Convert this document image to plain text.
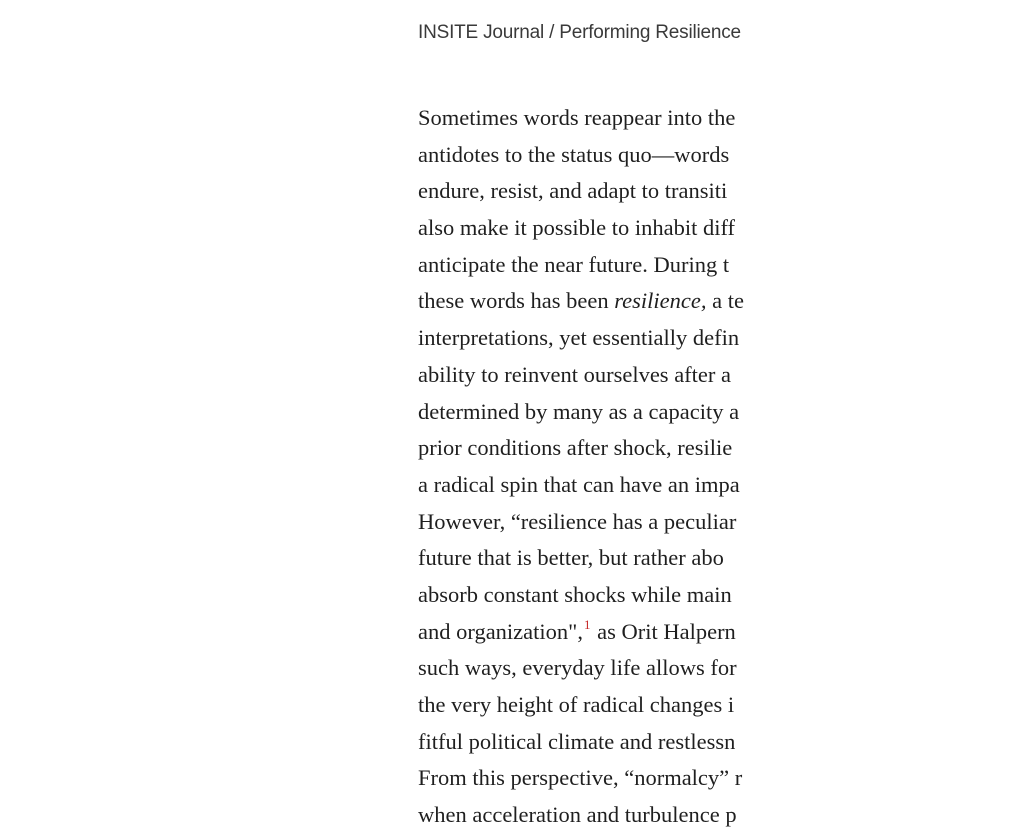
INSITE Journal / Performing Resilience
Sometimes words reappear into the
antidotes to the status quo—words
endure, resist, and adapt to transiti
also make it possible to inhabit diff
anticipate the near future. During t
these words has been resilience, a te
interpretations, yet essentially defin
ability to reinvent ourselves after a
determined by many as a capacity a
prior conditions after shock, resilie
a radical spin that can have an impa
However, “resilience has a peculiar
future that is better, but rather abo
absorb constant shocks while main
and organization",$^1$ as Orit Halpern
such ways, everyday life allows for
the very height of radical changes i
fitful political climate and restlessn
From this perspective, “normalcy” r
when acceleration and turbulence p
